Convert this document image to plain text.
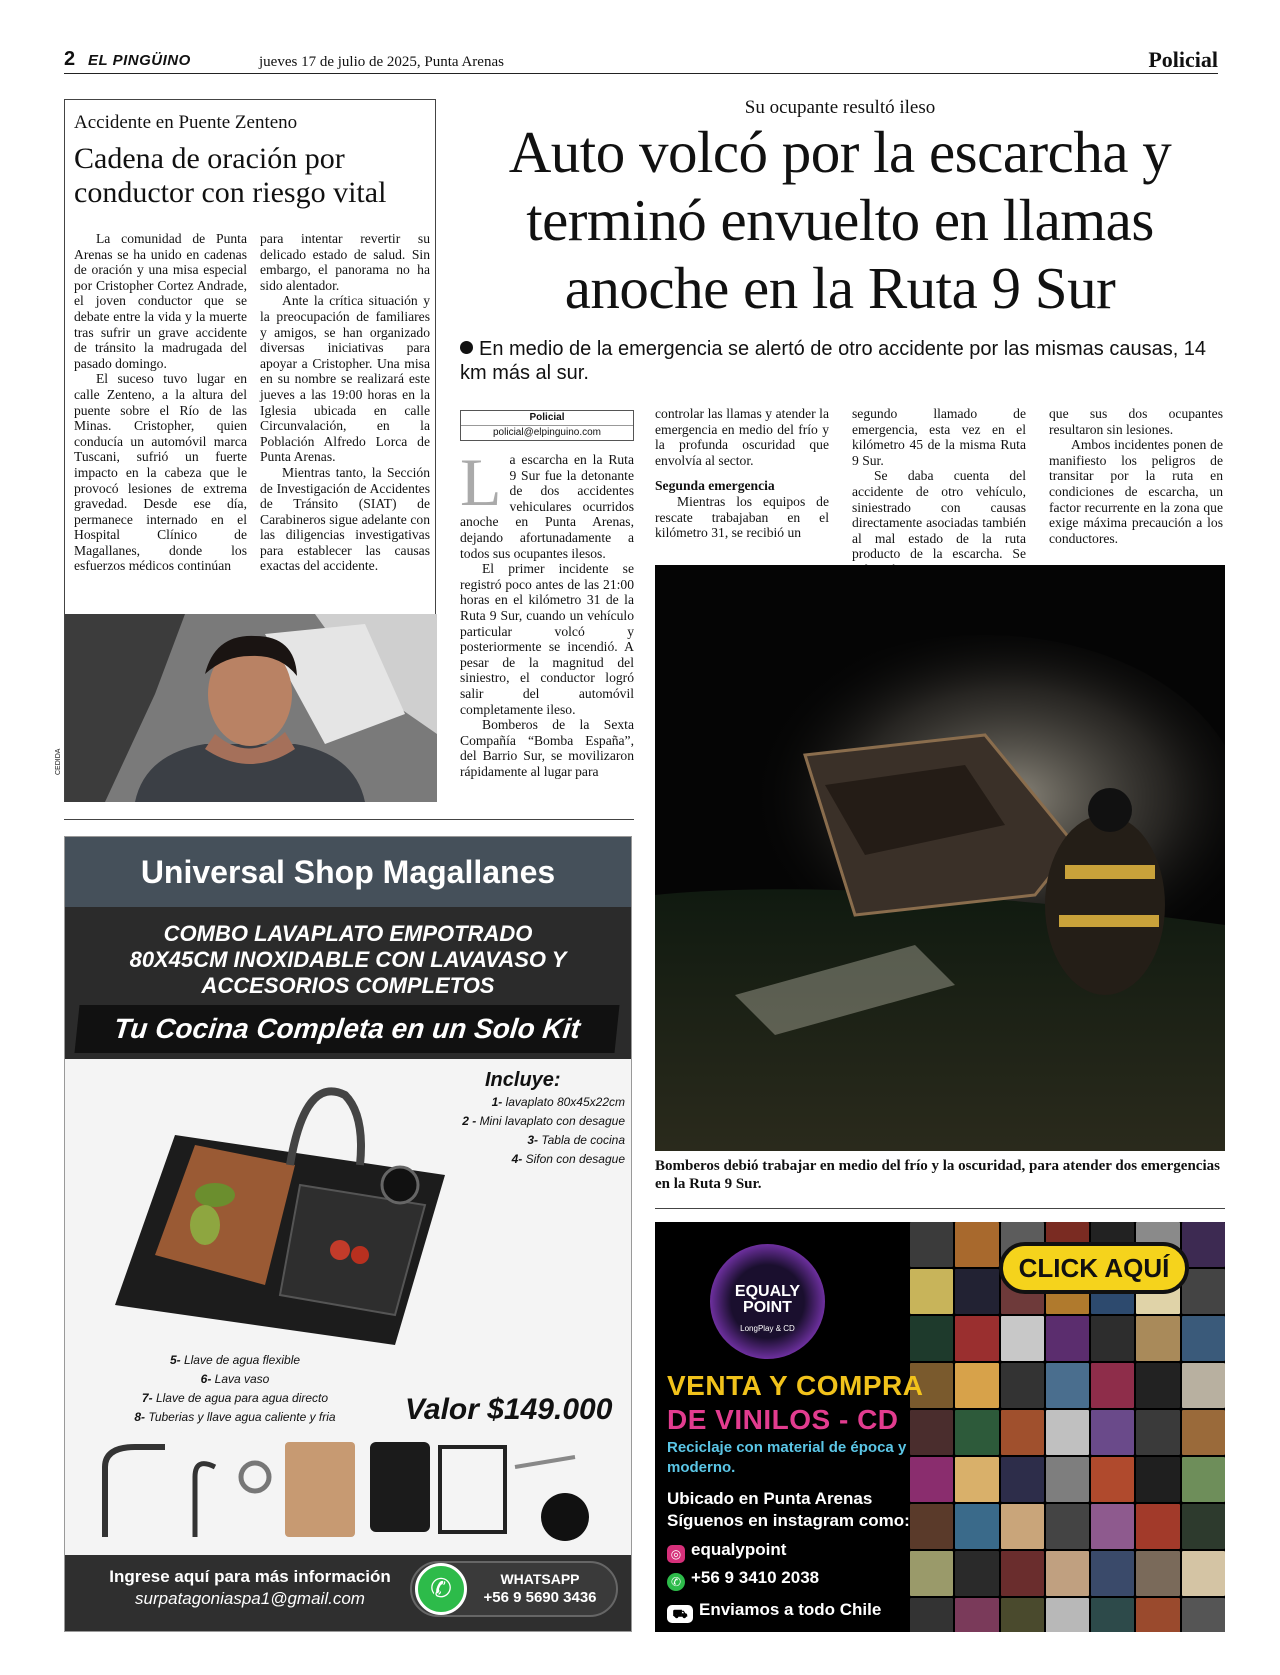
2 EL PINGÜINO	jueves 17 de julio de 2025, Punta Arenas	Policial
Accidente en Puente Zenteno
Cadena de oración por conductor con riesgo vital

La comunidad de Punta Arenas se ha unido en cadenas de oración y una misa especial por Cristopher Cortez Andrade, el joven conductor que se debate entre la vida y la muerte tras sufrir un grave accidente de tránsito la madrugada del pasado domingo.

El suceso tuvo lugar en calle Zenteno, a la altura del puente sobre el Río de las Minas. Cristopher, quien conducía un automóvil marca Tuscani, sufrió un fuerte impacto en la cabeza que le provocó lesiones de extrema gravedad. Desde ese día, permanece internado en el Hospital Clínico de Magallanes, donde los esfuerzos médicos continúan

para intentar revertir su delicado estado de salud. Sin embargo, el panorama no ha sido alentador.

Ante la crítica situación y la preocupación de familiares y amigos, se han organizado diversas iniciativas para apoyar a Cristopher. Una misa en su nombre se realizará este jueves a las 19:00 horas en la Iglesia ubicada en calle Circunvalación, en la Población Alfredo Lorca de Punta Arenas.

Mientras tanto, la Sección de Investigación de Accidentes de Tránsito (SIAT) de Carabineros sigue adelante con las diligencias investigativas para establecer las causas exactas del accidente.

CEDIDA
Su ocupante resultó ileso
Auto volcó por la escarcha y terminó envuelto en llamas anoche en la Ruta 9 Sur
En medio de la emergencia se alertó de otro accidente por las mismas causas, 14 km más al sur.
Policial
policial@elpinguino.com
L a escarcha en la Ruta 9 Sur fue la detonante de dos accidentes vehiculares ocurridos anoche en Punta Arenas, dejando afortunadamente a todos sus ocupantes ilesos.

El primer incidente se registró poco antes de las 21:00 horas en el kilómetro 31 de la Ruta 9 Sur, cuando un vehículo particular volcó y posteriormente se incendió. A pesar de la magnitud del siniestro, el conductor logró salir del automóvil completamente ileso.

Bomberos de la Sexta Compañía “Bomba España”, del Barrio Sur, se movilizaron rápidamente al lugar para

controlar las llamas y atender la emergencia en medio del frío y la profunda oscuridad que envolvía al sector.

Segunda emergencia

Mientras los equipos de rescate trabajaban en el kilómetro 31, se recibió un

segundo llamado de emergencia, esta vez en el kilómetro 45 de la misma Ruta 9 Sur.

Se daba cuenta del accidente de otro vehículo, siniestrado con causas directamente asociadas también al mal estado de la ruta producto de la escarcha. Se

que sus dos ocupantes resultaron sin lesiones.

Ambos incidentes ponen de manifiesto los peligros de transitar por la ruta en condiciones de escarcha, un factor recurrente en la zona que exige máxima precaución a los conductores.

Bomberos debió trabajar en medio del frío y la oscuridad, para atender dos emergencias en la Ruta 9 Sur.
Universal Shop Magallanes
COMBO LAVAPLATO EMPOTRADO 80X45CM INOXIDABLE CON LAVAVASO Y ACCESORIOS COMPLETOS
Tu Cocina Completa en un Solo Kit
Incluye:
1- lavaplato 80x45x22cm
2 - Mini lavaplato con desague
3- Tabla de cocina
4- Sifon con desague
5- Llave de agua flexible
6- Lava vaso
7- Llave de agua para agua directo
8- Tuberias y llave agua caliente y fria	Valor $149.000
Ingrese aquí para más información
surpatagoniaspa1@gmail.com	✆	WHATSAPP
+56 9 5690 3436
EQUALY POINT
LongPlay & CD
CLICK AQUÍ
VENTA Y COMPRA
DE VINILOS - CD
Reciclaje con material de época y moderno.
Ubicado en Punta Arenas Síguenos en instagram como:
◎ equalypoint
✆ +56 9 3410 2038
⛟ Enviamos a todo Chile
